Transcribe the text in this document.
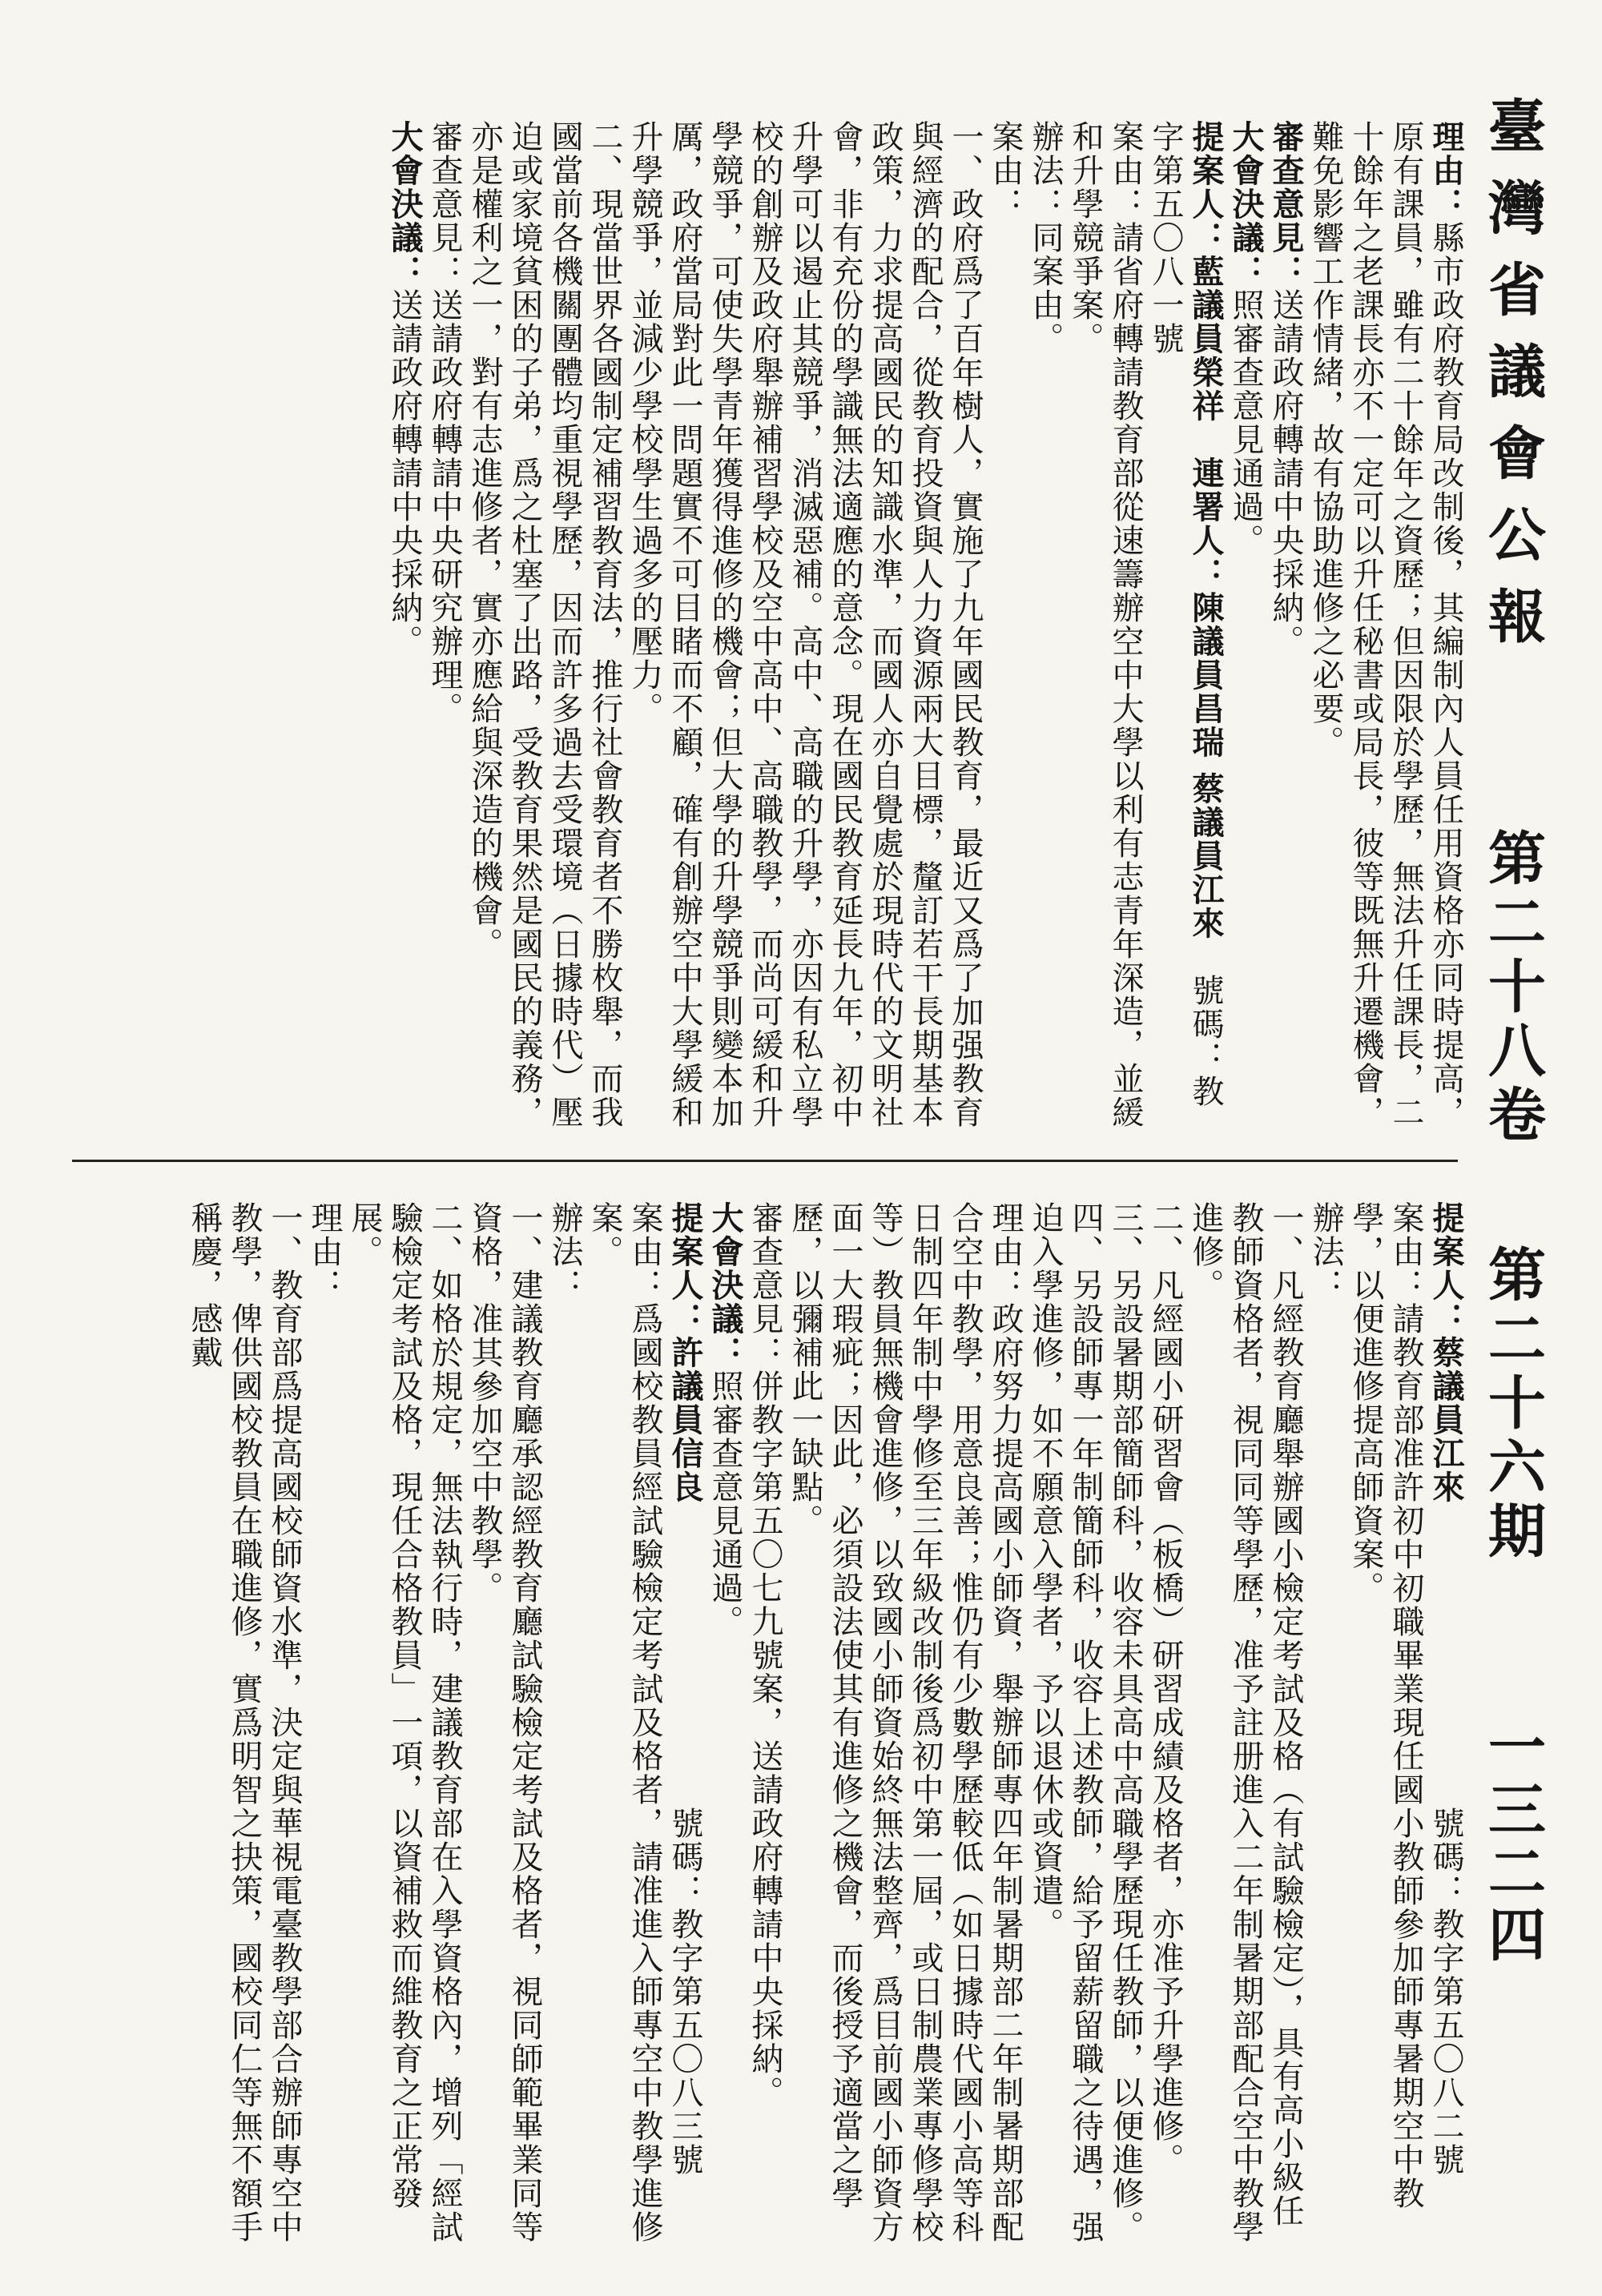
臺灣省議會公報
第二十八卷
第二十六期
一三二四

理由：縣市政府教育局改制後，其編制內人員任用資格亦同時提高，原有課員，雖有二十餘年之資歷；但因限於學歷，無法升任課長，二十餘年之老課長亦不一定可以升任秘書或局長，彼等既無升遷機會，難免影響工作情緒，故有協助進修之必要。

審查意見：送請政府轉請中央採納。

大會決議：照審查意見通過。

提案人：藍議員榮祥　連署人：陳議員昌瑞 蔡議員江來　號碼：教字第五〇八一號

案由：請省府轉請教育部從速籌辦空中大學以利有志青年深造，並緩和升學競爭案。

辦法：同案由。

案由：

一、政府爲了百年樹人，實施了九年國民教育，最近又爲了加强教育與經濟的配合，從教育投資與人力資源兩大目標，釐訂若干長期基本政策，力求提高國民的知識水準，而國人亦自覺處於現時代的文明社會，非有充份的學識無法適應的意念。現在國民教育延長九年，初中升學可以遏止其競爭，消滅惡補。高中、高職的升學，亦因有私立學校的創辦及政府舉辦補習學校及空中高中、高職教學，而尚可緩和升學競爭，可使失學青年獲得進修的機會；但大學的升學競爭則變本加厲，政府當局對此一問題實不可目睹而不顧，確有創辦空中大學緩和升學競爭，並減少學校學生過多的壓力。

二、現當世界各國制定補習教育法，推行社會教育者不勝枚舉，而我國當前各機關團體均重視學歷，因而許多過去受環境（日據時代）壓迫或家境貧困的子弟，爲之杜塞了出路，受教育果然是國民的義務，亦是權利之一，對有志進修者，實亦應給與深造的機會。

審查意見：送請政府轉請中央研究辦理。

大會決議：送請政府轉請中央採納。

提案人：蔡議員江來　　　　　　　　　號碼：教字第五〇八二號

案由：請教育部准許初中初職畢業現任國小教師參加師專暑期空中教學，以便進修提高師資案。

辦法：

一、凡經教育廳舉辦國小檢定考試及格（有試驗檢定），具有高小級任教師資格者，視同同等學歷，准予註册進入二年制暑期部配合空中教學進修。

二、凡經國小研習會（板橋）研習成績及格者，亦准予升學進修。

三、另設暑期部簡師科，收容未具高中高職學歷現任教師，以便進修。

四、另設師專一年制簡師科，收容上述教師，給予留薪留職之待遇，强迫入學進修，如不願意入學者，予以退休或資遣。

理由：政府努力提高國小師資，舉辦師專四年制暑期部二年制暑期部配合空中教學，用意良善；惟仍有少數學歷較低（如日據時代國小高等科日制四年制中學修至三年級改制後爲初中第一屆，或日制農業專修學校等）教員無機會進修，以致國小師資始終無法整齊，爲目前國小師資方面一大瑕疵；因此，必須設法使其有進修之機會，而後授予適當之學歷，以彌補此一缺點。

審查意見：併教字第五〇七九號案，送請政府轉請中央採納。

大會決議：照審查意見通過。

提案人：許議員信良　　　　　　　　　號碼：教字第五〇八三號

案由：爲國校教員經試驗檢定考試及格者，請准進入師專空中教學進修案。

辦法：

一、建議教育廳承認經教育廳試驗檢定考試及格者，視同師範畢業同等資格，准其參加空中教學。

二、如格於規定，無法執行時，建議教育部在入學資格內，增列「經試驗檢定考試及格，現任合格教員」一項，以資補救而維教育之正常發展。

理由：

一、教育部爲提高國校師資水準，決定與華視電臺教學部合辦師專空中教學，俾供國校教員在職進修，實爲明智之抉策，國校同仁等無不額手稱慶，感戴
